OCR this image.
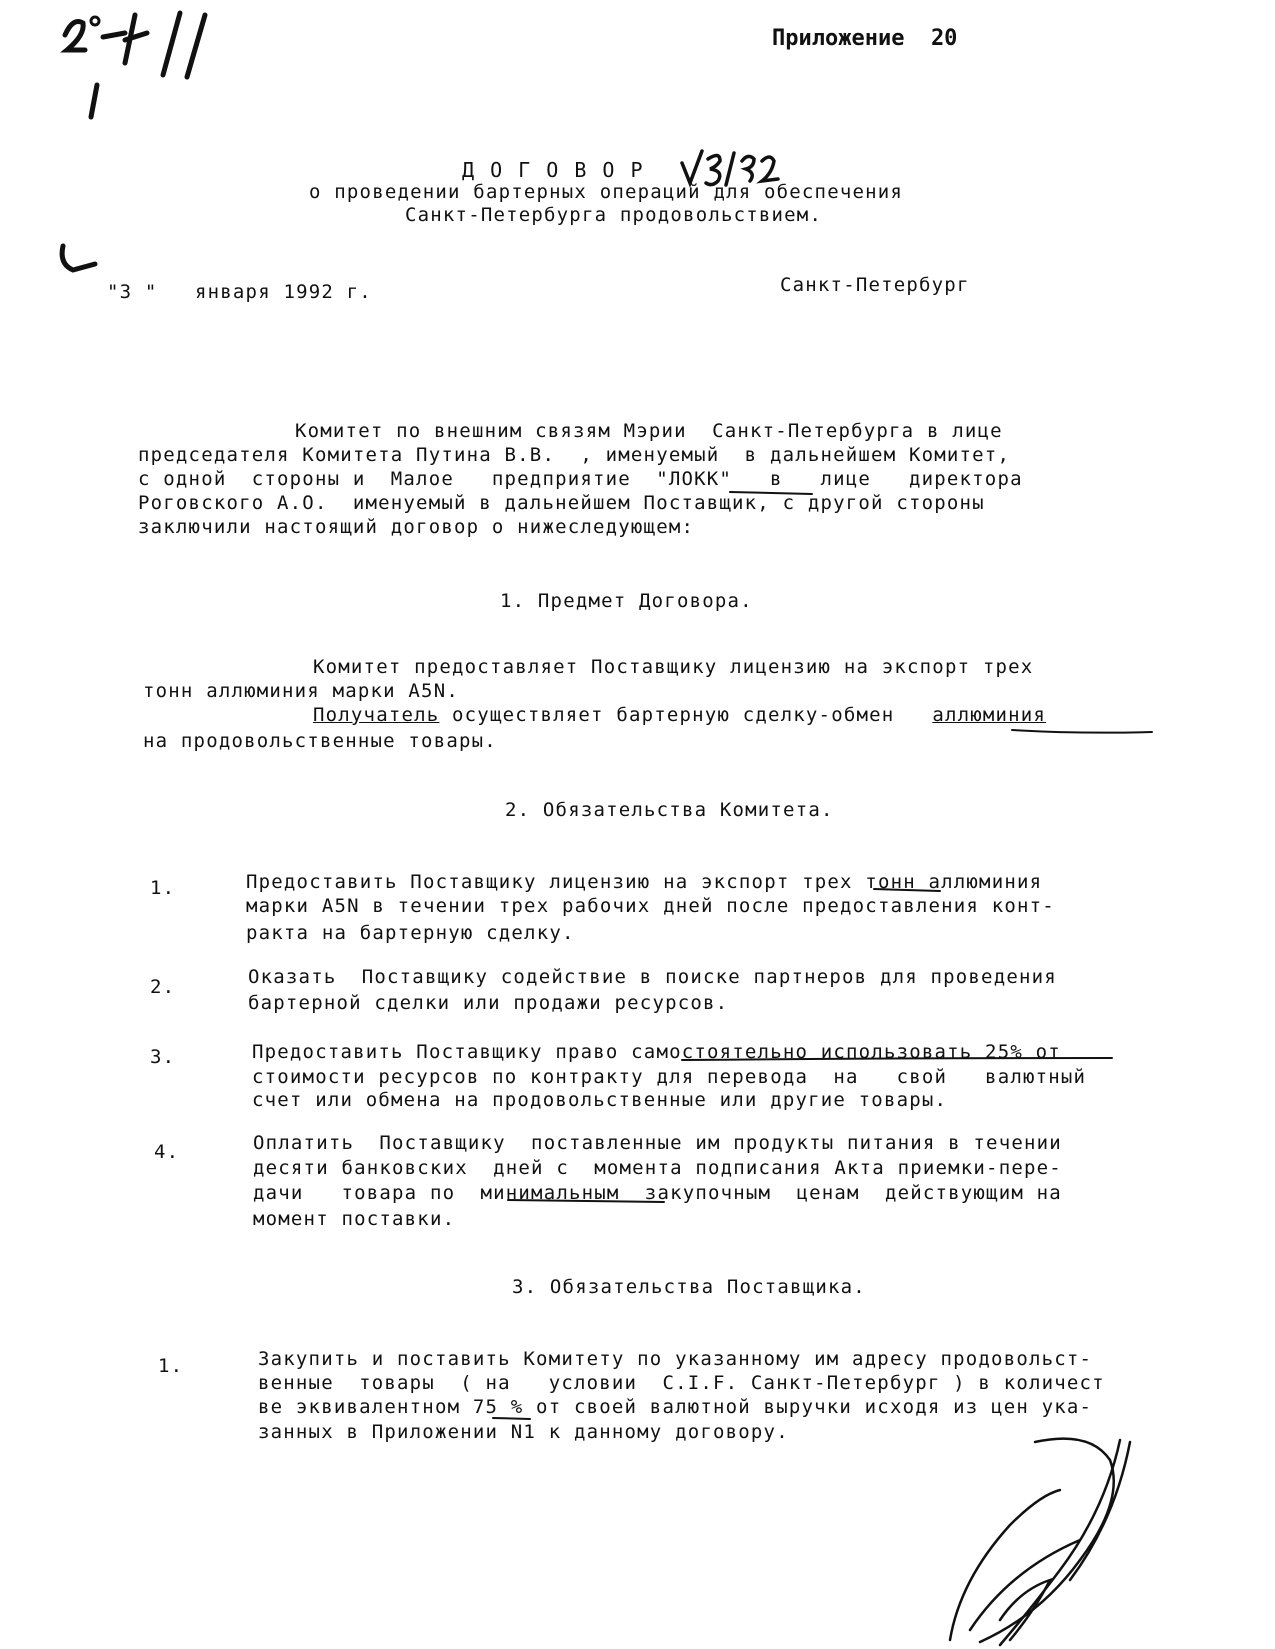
Приложение  20
Д О Г О В О Р
о проведении бартерных операций для обеспечения
Санкт-Петербурга продовольствием.
"3 " января 1992 г.	Санкт-Петербург
Комитет по внешним связям Мэрии  Санкт-Петербурга в лице
председателя Комитета Путина В.В.  , именуемый  в дальнейшем Комитет,
с одной  стороны и  Малое   предприятие  "ЛОКК"   в   лице   директора
Роговского А.О.  именуемый в дальнейшем Поставщик, с другой стороны
заключили настоящий договор о нижеследующем:
1. Предмет Договора.
Комитет предоставляет Поставщику лицензию на экспорт трех
тонн аллюминия марки А5N.
Получатель осуществляет бартерную сделку-обмен   аллюминия
на продовольственные товары.
2. Обязательства Комитета.
1.	Предоставить Поставщику лицензию на экспорт трех тонн аллюминия
марки А5N в течении трех рабочих дней после предоставления конт-
ракта на бартерную сделку.
2.	Оказать  Поставщику содействие в поиске партнеров для проведения
бартерной сделки или продажи ресурсов.
3.	Предоставить Поставщику право самостоятельно использовать 25% от
стоимости ресурсов по контракту для перевода  на   свой   валютный
счет или обмена на продовольственные или другие товары.
4.	Оплатить  Поставщику  поставленные им продукты питания в течении
десяти банковских  дней с  момента подписания Акта приемки-пере-
дачи   товара по  минимальным  закупочным  ценам  действующим на
момент поставки.
3. Обязательства Поставщика.
1.	Закупить и поставить Комитету по указанному им адресу продовольст-
венные  товары  ( на   условии  C.I.F. Санкт-Петербург ) в количест
ве эквивалентном 75 % от своей валютной выручки исходя из цен ука-
занных в Приложении N1 к данному договору.
